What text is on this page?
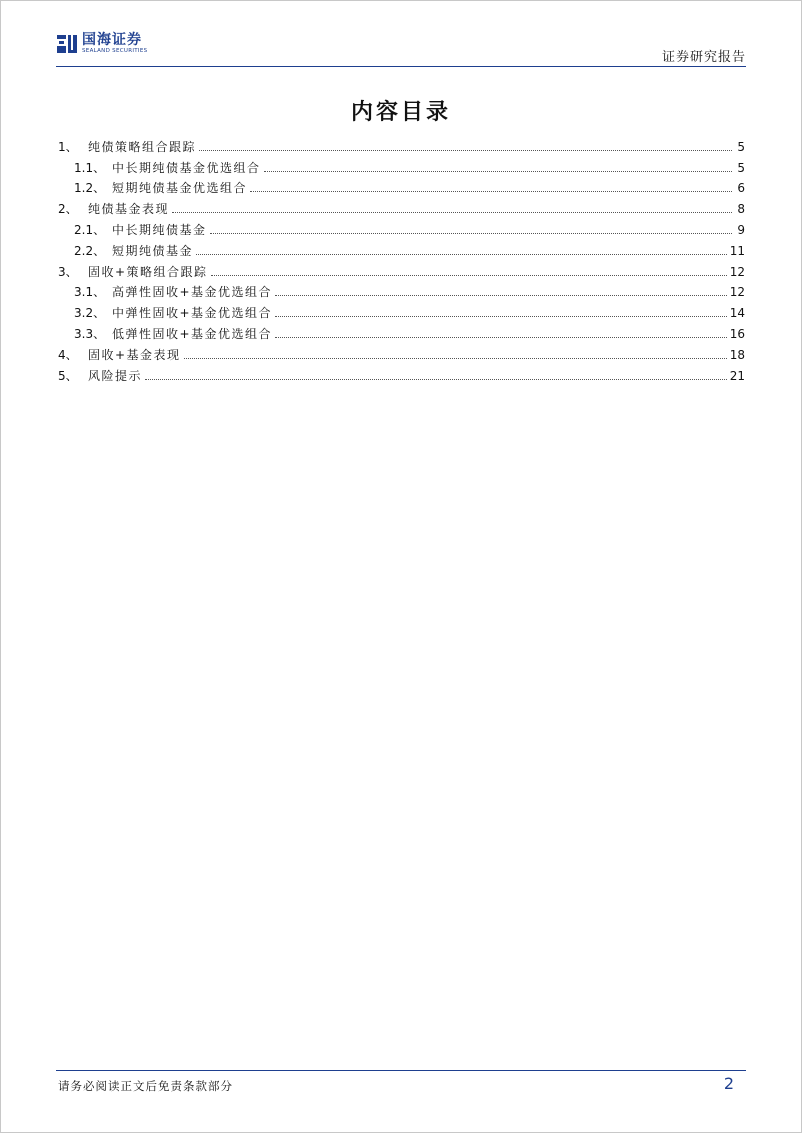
国海证券
SEALAND SECURITIES	证券研究报告
内容目录
1、 纯债策略组合跟踪	5
1.1、 中长期纯债基金优选组合	5
1.2、 短期纯债基金优选组合	6
2、 纯债基金表现	8
2.1、 中长期纯债基金	9
2.2、 短期纯债基金	11
3、 固收+策略组合跟踪	12
3.1、 高弹性固收+基金优选组合	12
3.2、 中弹性固收+基金优选组合	14
3.3、 低弹性固收+基金优选组合	16
4、 固收+基金表现	18
5、 风险提示	21
请务必阅读正文后免责条款部分	2
